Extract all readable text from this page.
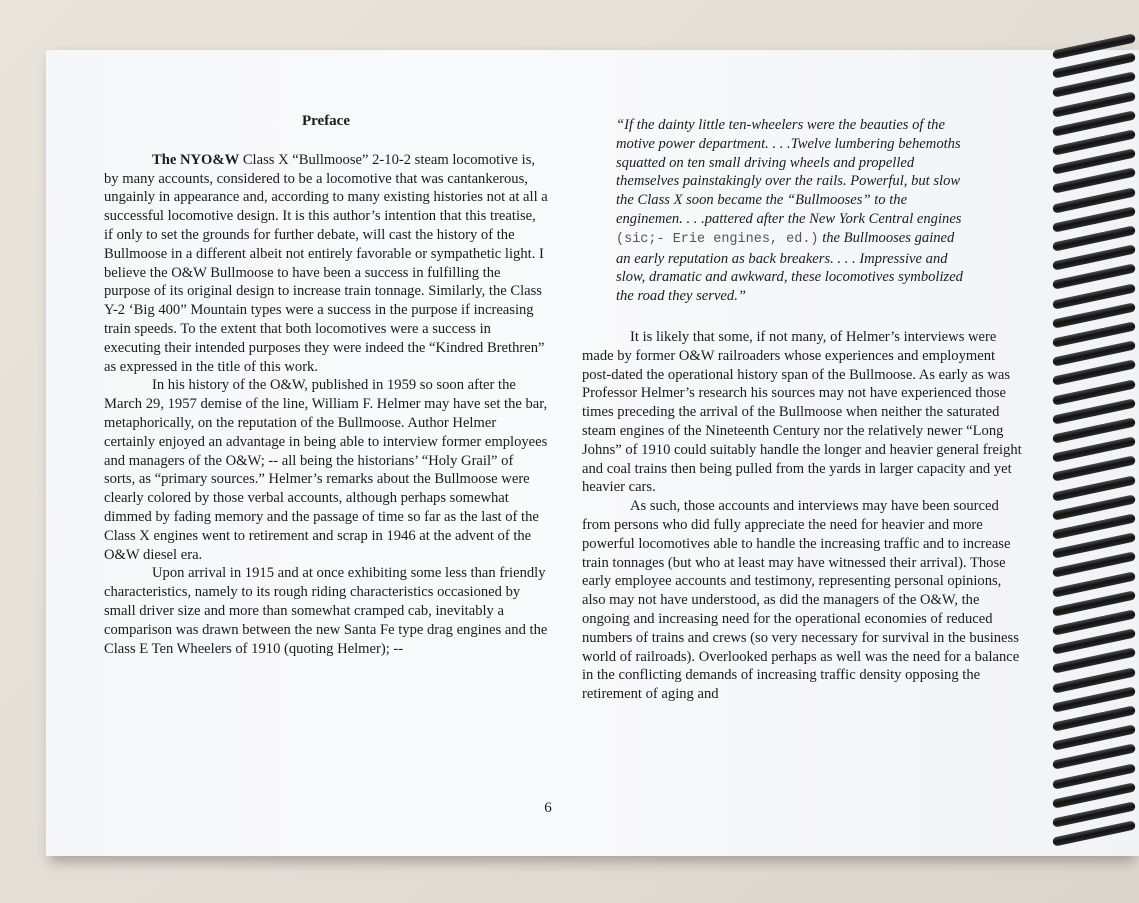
Preface

The NYO&W Class X “Bullmoose” 2-10-2 steam locomotive is, by many accounts, considered to be a locomotive that was cantankerous, ungainly in appearance and, according to many existing histories not at all a successful locomotive design. It is this author’s intention that this treatise, if only to set the grounds for further debate, will cast the history of the Bullmoose in a different albeit not entirely favorable or sympathetic light. I believe the O&W Bullmoose to have been a success in fulfilling the purpose of its original design to increase train tonnage. Similarly, the Class Y-2 ‘Big 400” Mountain types were a success in the purpose if increasing train speeds. To the extent that both locomotives were a success in executing their intended purposes they were indeed the “Kindred Brethren” as expressed in the title of this work.

In his history of the O&W, published in 1959 so soon after the March 29, 1957 demise of the line, William F. Helmer may have set the bar, metaphorically, on the reputation of the Bullmoose. Author Helmer certainly enjoyed an advantage in being able to interview former employees and managers of the O&W; -- all being the historians’ “Holy Grail” of sorts, as “primary sources.” Helmer’s remarks about the Bullmoose were clearly colored by those verbal accounts, although perhaps somewhat dimmed by fading memory and the passage of time so far as the last of the Class X engines went to retirement and scrap in 1946 at the advent of the O&W diesel era.

Upon arrival in 1915 and at once exhibiting some less than friendly characteristics, namely to its rough riding characteristics occasioned by small driver size and more than somewhat cramped cab, inevitably a comparison was drawn between the new Santa Fe type drag engines and the Class E Ten Wheelers of 1910 (quoting Helmer); --

“If the dainty little ten-wheelers were the beauties of the motive power department. . . .Twelve lumbering behemoths squatted on ten small driving wheels and propelled themselves painstakingly over the rails. Powerful, but slow the Class X soon became the “Bullmooses” to the enginemen. . . .pattered after the New York Central engines (sic;- Erie engines, ed.) the Bullmooses gained an early reputation as back breakers. . . . Impressive and slow, dramatic and awkward, these locomotives symbolized the road they served.”

It is likely that some, if not many, of Helmer’s interviews were made by former O&W railroaders whose experiences and employment post-dated the operational history span of the Bullmoose. As early as was Professor Helmer’s research his sources may not have experienced those times preceding the arrival of the Bullmoose when neither the saturated steam engines of the Nineteenth Century nor the relatively newer “Long Johns” of 1910 could suitably handle the longer and heavier general freight and coal trains then being pulled from the yards in larger capacity and yet heavier cars.

As such, those accounts and interviews may have been sourced from persons who did fully appreciate the need for heavier and more powerful locomotives able to handle the increasing traffic and to increase train tonnages (but who at least may have witnessed their arrival). Those early employee accounts and testimony, representing personal opinions, also may not have understood, as did the managers of the O&W, the ongoing and increasing need for the operational economies of reduced numbers of trains and crews (so very necessary for survival in the business world of railroads). Overlooked perhaps as well was the need for a balance in the conflicting demands of increasing traffic density opposing the retirement of aging and

6
